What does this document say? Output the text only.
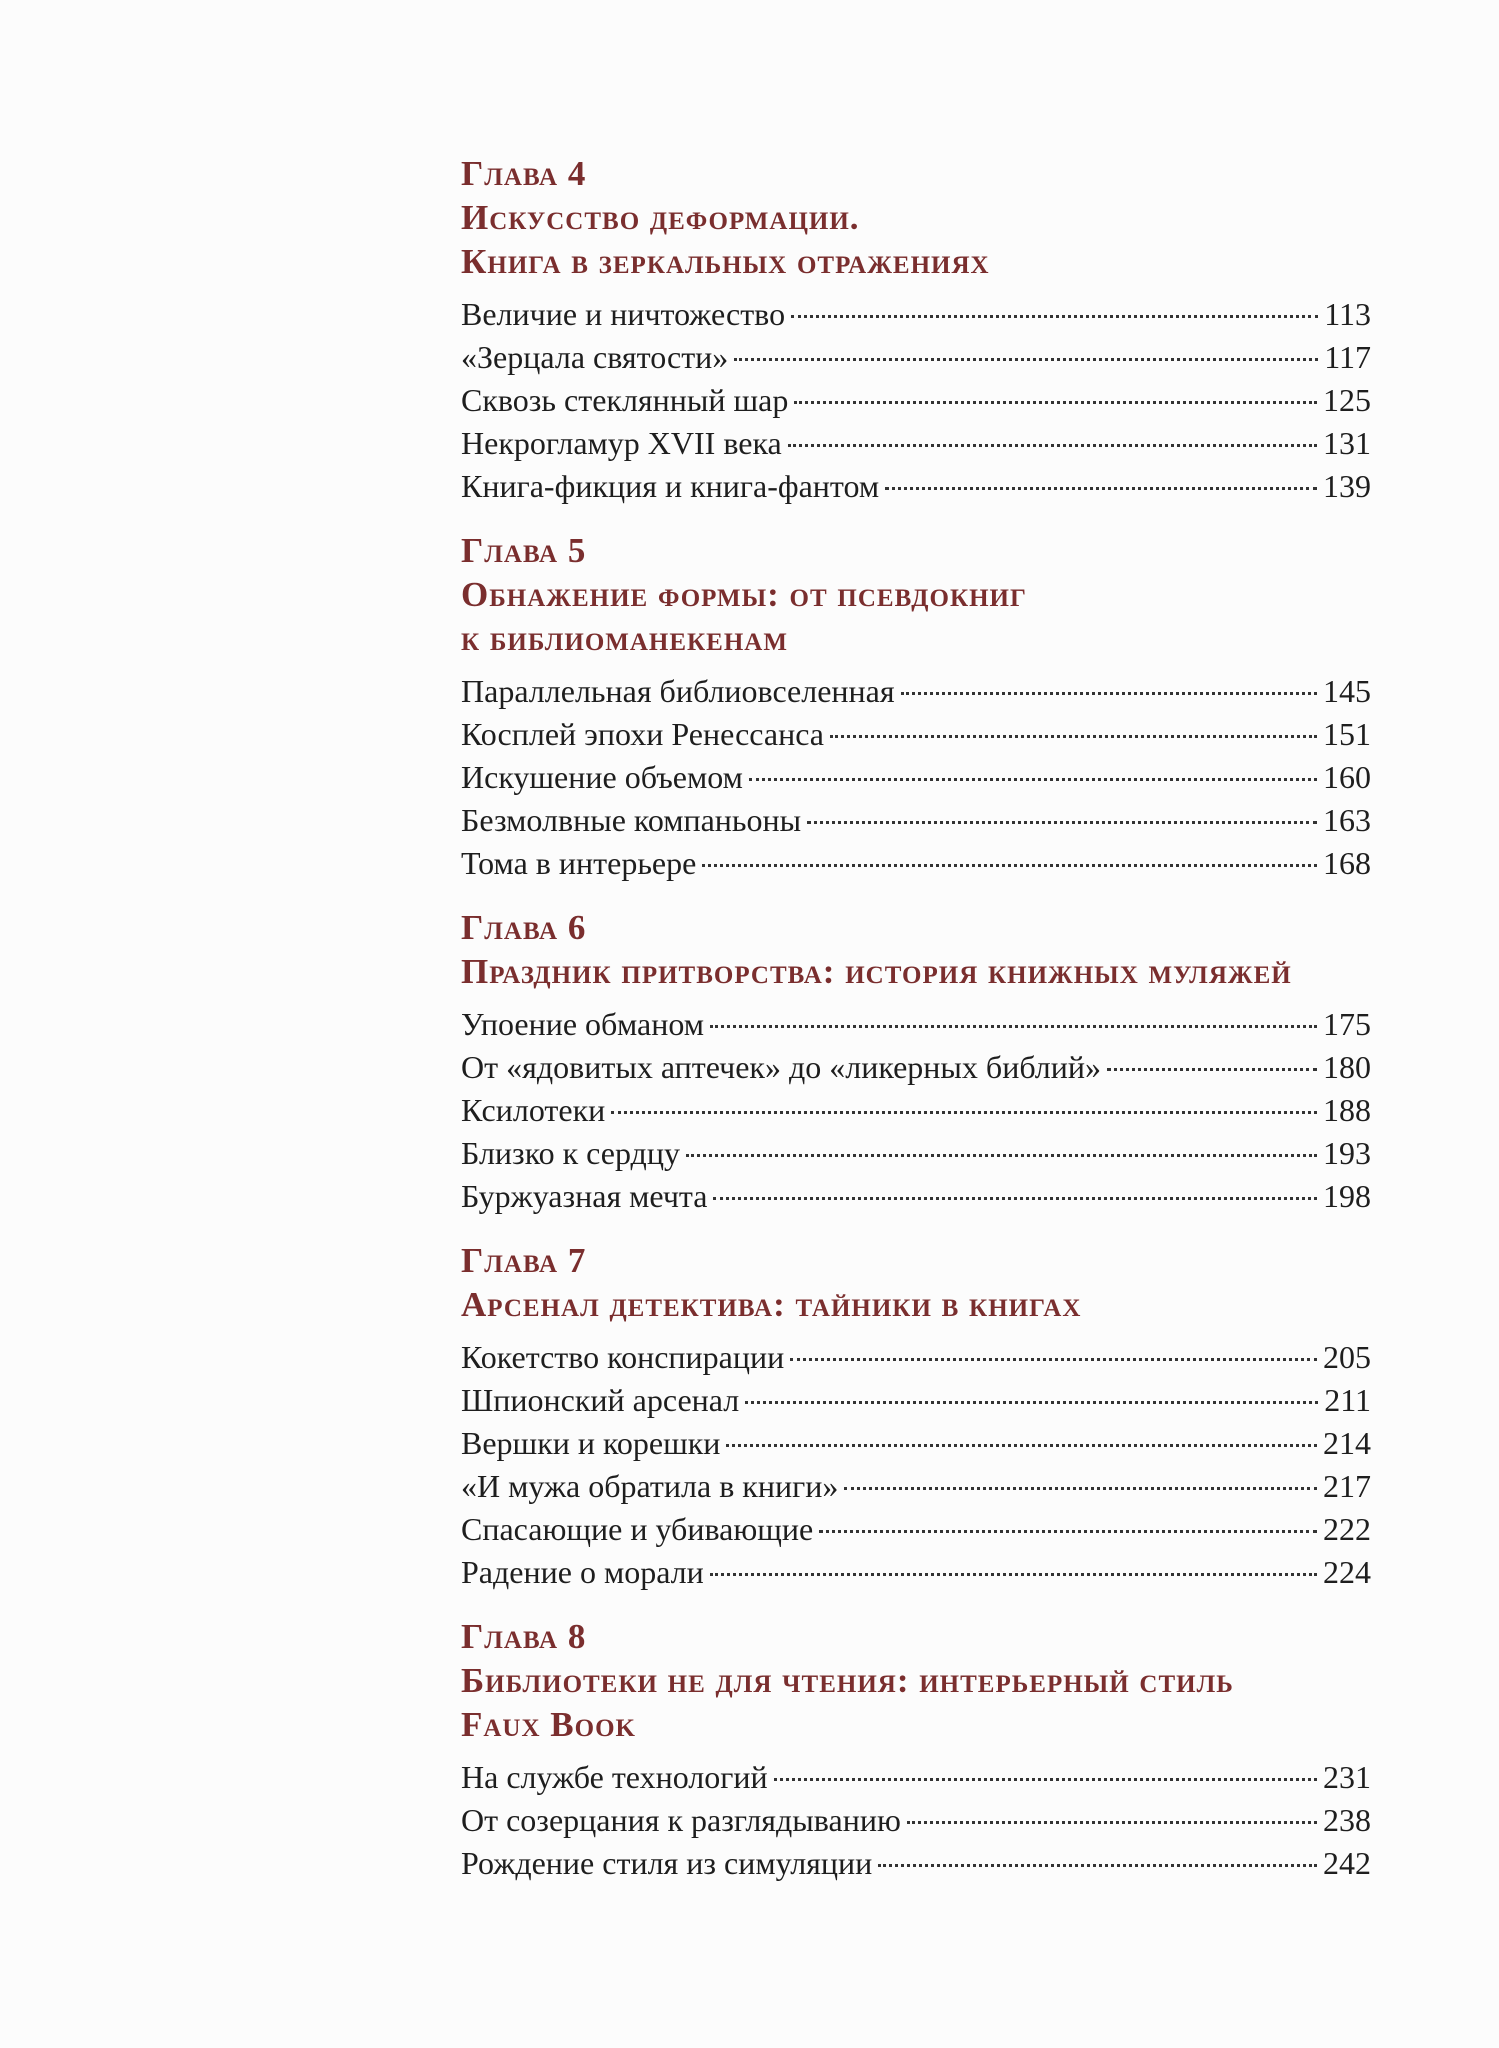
Глава 4
Искусство деформации.
Книга в зеркальных отражениях
Величие и ничтожество	113
«Зерцала святости»	117
Сквозь стеклянный шар	125
Некрогламур XVII века	131
Книга-фикция и книга-фантом	139
Глава 5
Обнажение формы: от псевдокниг
к библиоманекенам
Параллельная библиовселенная	145
Косплей эпохи Ренессанса	151
Искушение объемом	160
Безмолвные компаньоны	163
Тома в интерьере	168
Глава 6
Праздник притворства: история книжных муляжей
Упоение обманом	175
От «ядовитых аптечек» до «ликерных библий»	180
Ксилотеки	188
Близко к сердцу	193
Буржуазная мечта	198
Глава 7
Арсенал детектива: тайники в книгах
Кокетство конспирации	205
Шпионский арсенал	211
Вершки и корешки	214
«И мужа обратила в книги»	217
Спасающие и убивающие	222
Радение о морали	224
Глава 8
Библиотеки не для чтения: интерьерный стиль
Faux Book
На службе технологий	231
От созерцания к разглядыванию	238
Рождение стиля из симуляции	242
